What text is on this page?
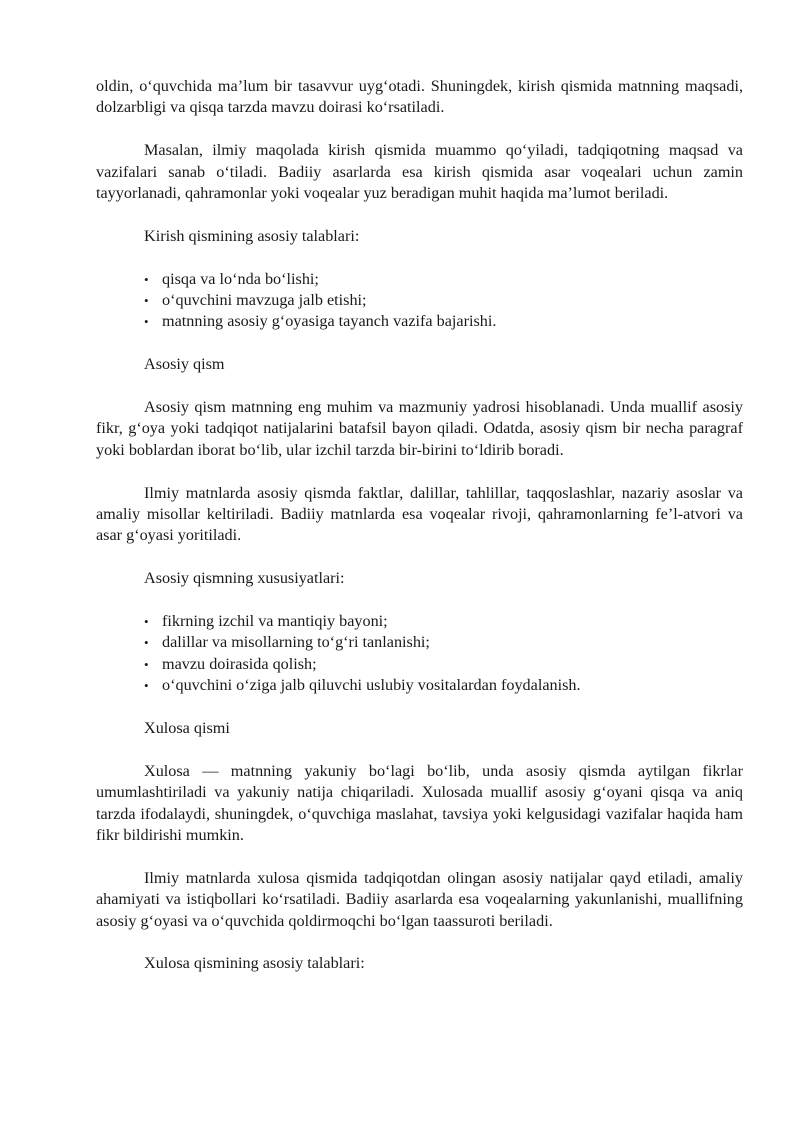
oldin, o‘quvchida ma’lum bir tasavvur uyg‘otadi. Shuningdek, kirish qismida matnning maqsadi, dolzarbligi va qisqa tarzda mavzu doirasi ko‘rsatiladi.

Masalan, ilmiy maqolada kirish qismida muammo qo‘yiladi, tadqiqotning maqsad va vazifalari sanab o‘tiladi. Badiiy asarlarda esa kirish qismida asar voqealari uchun zamin tayyorlanadi, qahramonlar yoki voqealar yuz beradigan muhit haqida ma’lumot beriladi.

Kirish qismining asosiy talablari:

• qisqa va lo‘nda bo‘lishi;
• o‘quvchini mavzuga jalb etishi;
• matnning asosiy g‘oyasiga tayanch vazifa bajarishi.

Asosiy qism

Asosiy qism matnning eng muhim va mazmuniy yadrosi hisoblanadi. Unda muallif asosiy fikr, g‘oya yoki tadqiqot natijalarini batafsil bayon qiladi. Odatda, asosiy qism bir necha paragraf yoki boblardan iborat bo‘lib, ular izchil tarzda bir-birini to‘ldirib boradi.

Ilmiy matnlarda asosiy qismda faktlar, dalillar, tahlillar, taqqoslashlar, nazariy asoslar va amaliy misollar keltiriladi. Badiiy matnlarda esa voqealar rivoji, qahramonlarning fe’l-atvori va asar g‘oyasi yoritiladi.

Asosiy qismning xususiyatlari:

• fikrning izchil va mantiqiy bayoni;
• dalillar va misollarning to‘g‘ri tanlanishi;
• mavzu doirasida qolish;
• o‘quvchini o‘ziga jalb qiluvchi uslubiy vositalardan foydalanish.

Xulosa qismi

Xulosa — matnning yakuniy bo‘lagi bo‘lib, unda asosiy qismda aytilgan fikrlar umumlashtiriladi va yakuniy natija chiqariladi. Xulosada muallif asosiy g‘oyani qisqa va aniq tarzda ifodalaydi, shuningdek, o‘quvchiga maslahat, tavsiya yoki kelgusidagi vazifalar haqida ham fikr bildirishi mumkin.

Ilmiy matnlarda xulosa qismida tadqiqotdan olingan asosiy natijalar qayd etiladi, amaliy ahamiyati va istiqbollari ko‘rsatiladi. Badiiy asarlarda esa voqealarning yakunlanishi, muallifning asosiy g‘oyasi va o‘quvchida qoldirmoqchi bo‘lgan taassuroti beriladi.

Xulosa qismining asosiy talablari:
